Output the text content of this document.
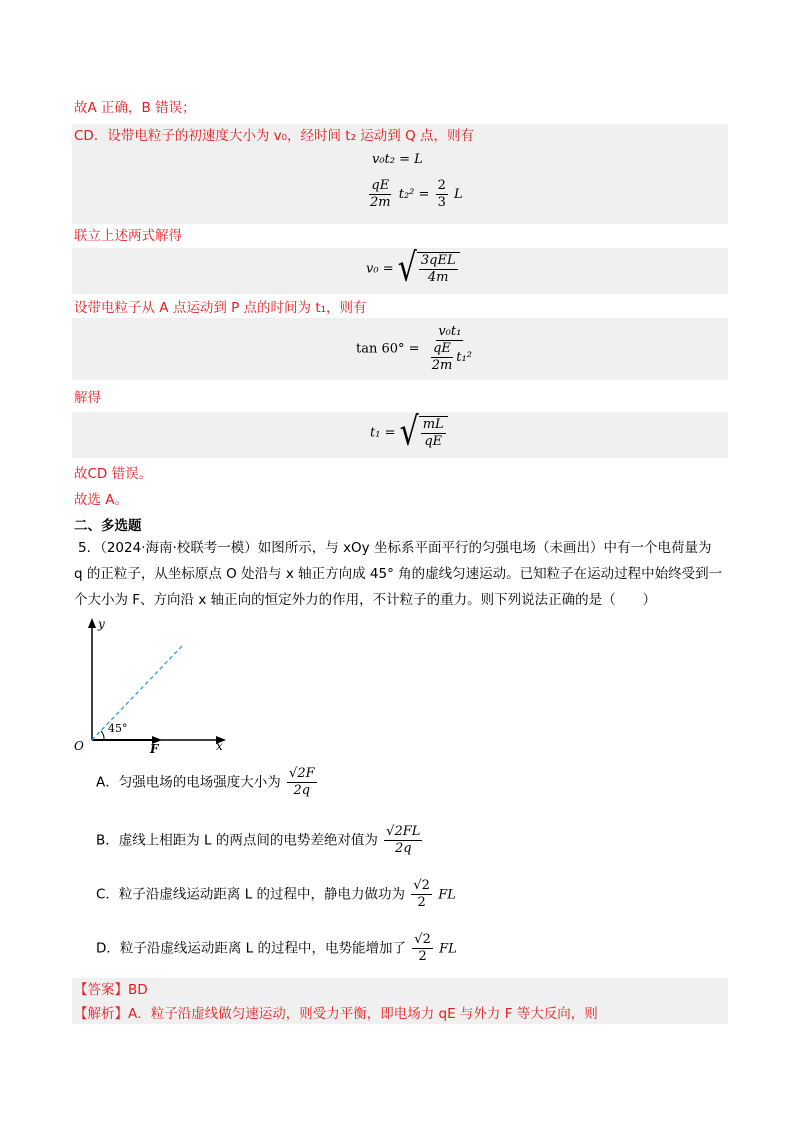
故A 正确，B 错误；
CD．设带电粒子的初速度大小为 v₀，经时间 t₂ 运动到 Q 点，则有
v₀t₂ = L
$\frac{qE}{2m} t_2^2 = \frac{2}{3}$ L
联立上述两式解得
v₀ = √ $\frac{\text{3qEL}}{4m}$
设带电粒子从 A 点运动到 P 点的时间为 t₁，则有
$\tan 60^\circ = \frac{\text{v₀t₁}}{\frac{qE}{2m} t_1^2}$
解得
t₁ = √ $\frac{mL}{qE}$
故CD 错误。
故选 A。
二、多选题
5．（2024·海南·校联考一模）如图所示，与 xOy 坐标系平面平行的匀强电场（未画出）中有一个电荷量为
q 的正粒子，从坐标原点 O 处沿与 x 轴正方向成 45° 角的虚线匀速运动。已知粒子在运动过程中始终受到一
个大小为 F、方向沿 x 轴正向的恒定外力的作用，不计粒子的重力。则下列说法正确的是（　　）
y
x
O
45°
F
A．匀强电场的电场强度大小为 $\frac{√2F}{2q}$
B．虚线上相距为 L 的两点间的电势差绝对值为 $\frac{√2FL}{2q}$
C．粒子沿虚线运动距离 L 的过程中，静电力做功为 $\frac{√2}{2}$ FL
D．粒子沿虚线运动距离 L 的过程中，电势能增加了 $\frac{√2}{2}$ FL
【答案】BD
【解析】A．粒子沿虚线做匀速运动，则受力平衡，即电场力 qE 与外力 F 等大反向，则
